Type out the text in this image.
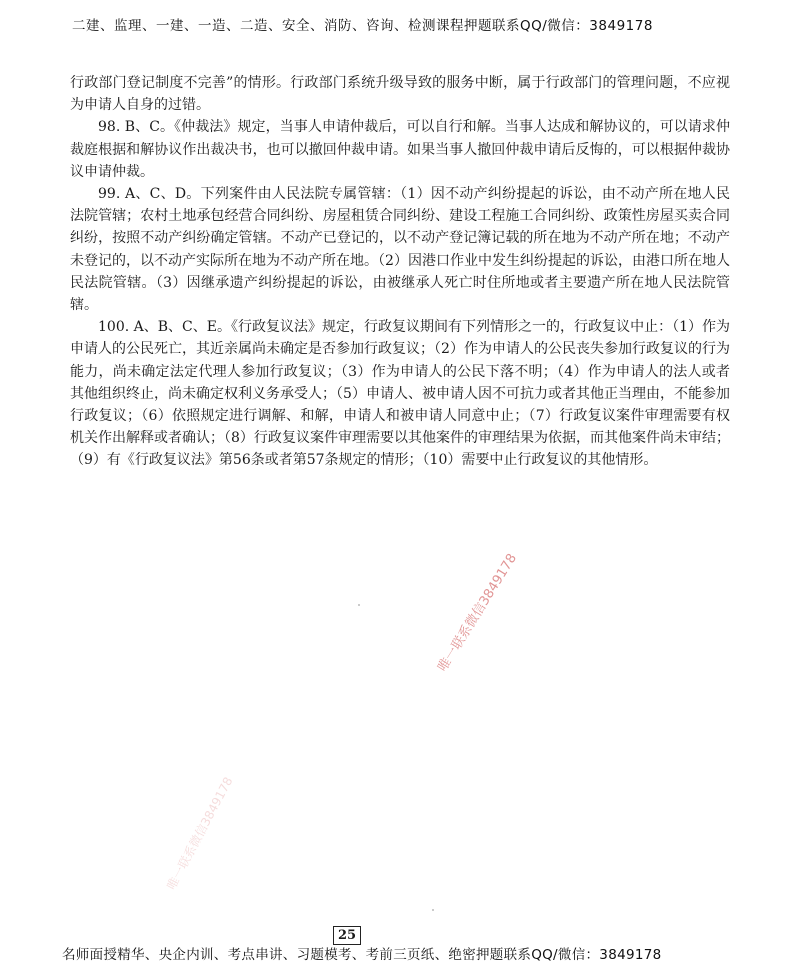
二建、监理、一建、一造、二造、安全、消防、咨询、检测课程押题联系QQ/微信：3849178

行政部门登记制度不完善”的情形。行政部门系统升级导致的服务中断，属于行政部门的管理问题，不应视为申请人自身的过错。

98. B、C。《仲裁法》规定，当事人申请仲裁后，可以自行和解。当事人达成和解协议的，可以请求仲裁庭根据和解协议作出裁决书，也可以撤回仲裁申请。如果当事人撤回仲裁申请后反悔的，可以根据仲裁协议申请仲裁。

99. A、C、D。下列案件由人民法院专属管辖：（1）因不动产纠纷提起的诉讼，由不动产所在地人民法院管辖；农村土地承包经营合同纠纷、房屋租赁合同纠纷、建设工程施工合同纠纷、政策性房屋买卖合同纠纷，按照不动产纠纷确定管辖。不动产已登记的，以不动产登记簿记载的所在地为不动产所在地；不动产未登记的，以不动产实际所在地为不动产所在地。（2）因港口作业中发生纠纷提起的诉讼，由港口所在地人民法院管辖。（3）因继承遗产纠纷提起的诉讼，由被继承人死亡时住所地或者主要遗产所在地人民法院管辖。

100. A、B、C、E。《行政复议法》规定，行政复议期间有下列情形之一的，行政复议中止：（1）作为申请人的公民死亡，其近亲属尚未确定是否参加行政复议；（2）作为申请人的公民丧失参加行政复议的行为能力，尚未确定法定代理人参加行政复议；（3）作为申请人的公民下落不明；（4）作为申请人的法人或者其他组织终止，尚未确定权利义务承受人；（5）申请人、被申请人因不可抗力或者其他正当理由，不能参加行政复议；（6）依照规定进行调解、和解，申请人和被申请人同意中止；（7）行政复议案件审理需要有权机关作出解释或者确认；（8）行政复议案件审理需要以其他案件的审理结果为依据，而其他案件尚未审结；（9）有《行政复议法》第56条或者第57条规定的情形；（10）需要中止行政复议的其他情形。

唯一联系微信3849178
唯一联系微信3849178
25
名师面授精华、央企内训、考点串讲、习题模考、考前三页纸、绝密押题联系QQ/微信：3849178
